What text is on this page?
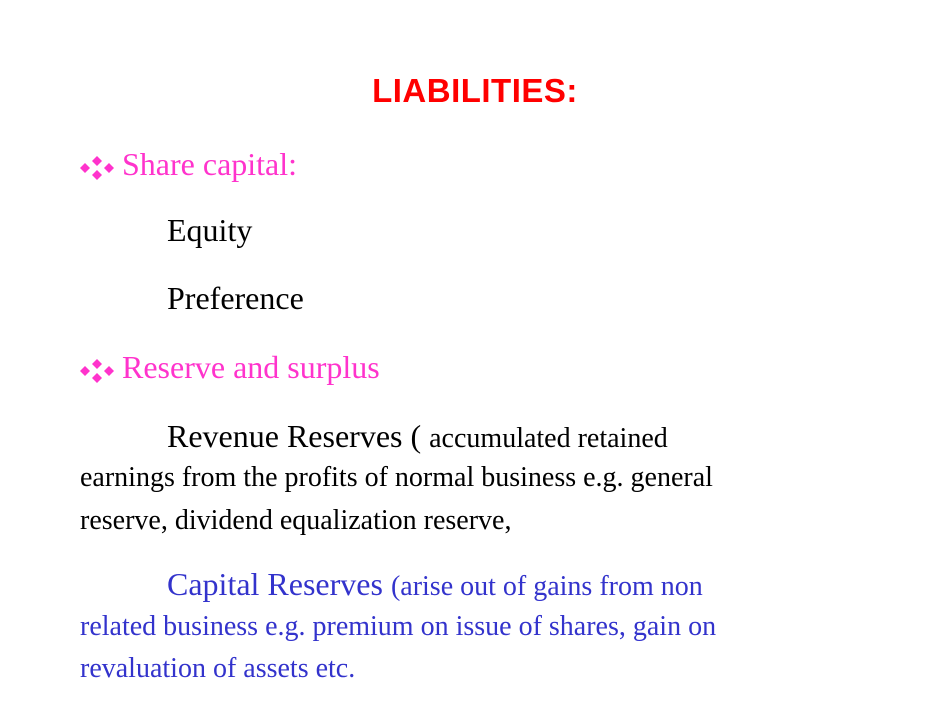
LIABILITIES:
Share capital:
Equity
Preference
Reserve and surplus
Revenue Reserves ( accumulated retained
earnings from the profits of normal business e.g. general
reserve, dividend equalization reserve,
Capital Reserves (arise out of gains from non
related business e.g. premium on issue of shares, gain on
revaluation of assets etc.
